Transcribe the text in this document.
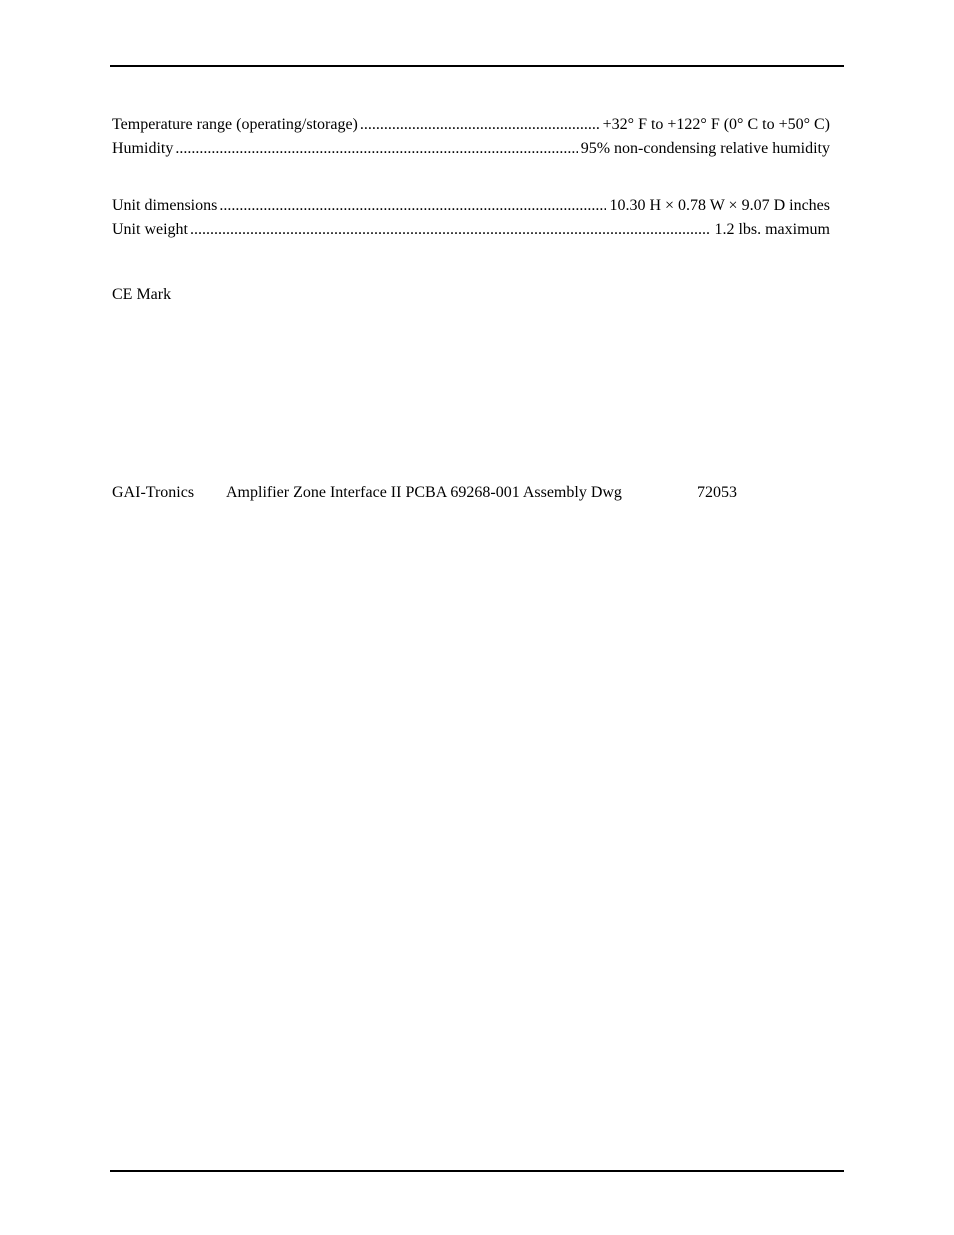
Temperature range (operating/storage) .....	+32° F to +122° F (0° C to +50° C)
Humidity .....	95% non-condensing relative humidity
Unit dimensions .....	10.30 H × 0.78 W × 9.07 D inches
Unit weight .....	1.2 lbs. maximum
CE Mark
GAI-Tronics Amplifier Zone Interface II PCBA 69268-001 Assembly Dwg	72053
